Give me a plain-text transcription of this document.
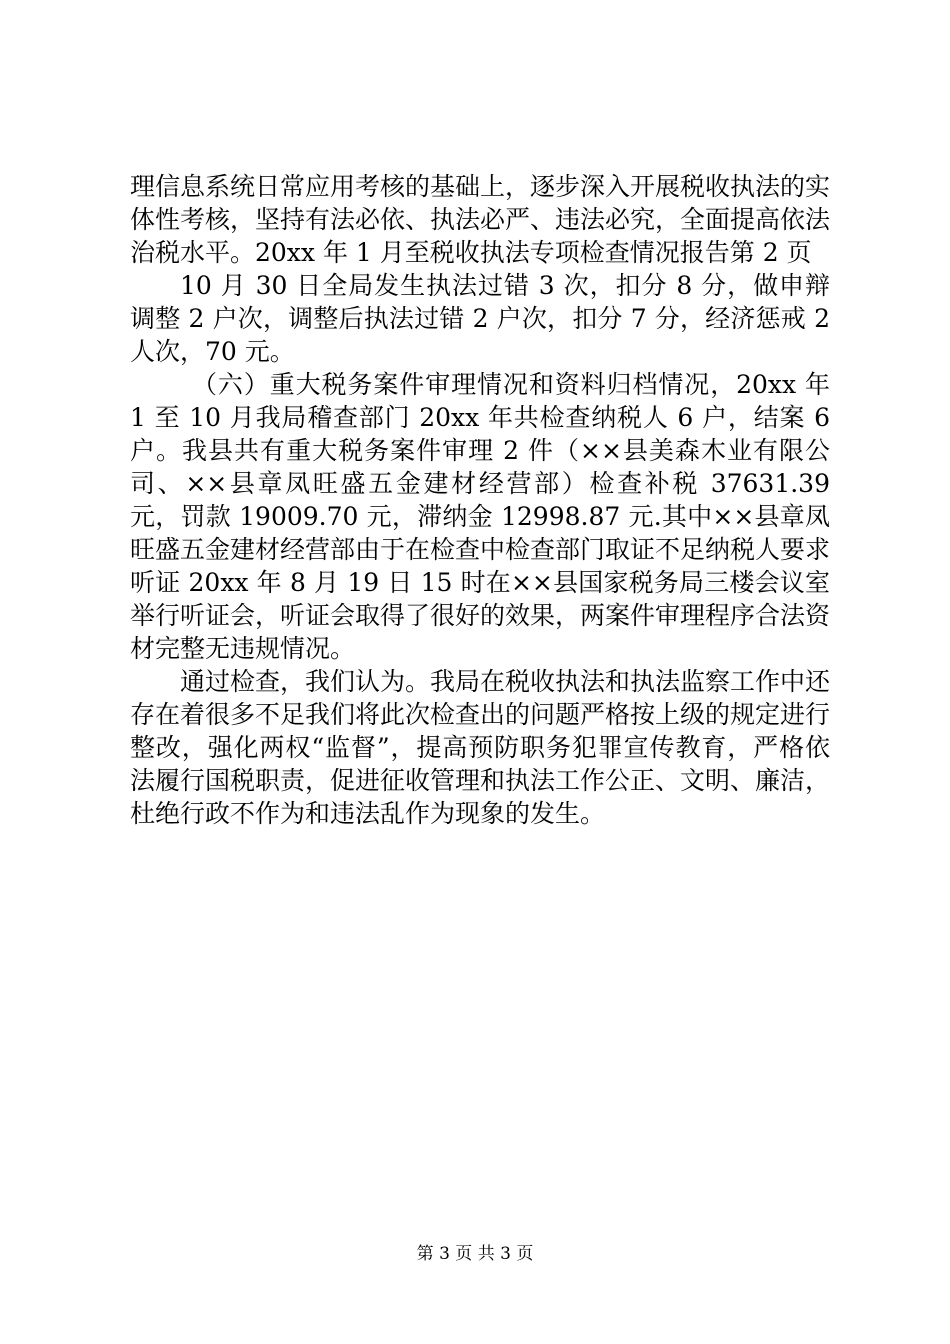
理信息系统日常应用考核的基础上，逐步深入开展税收执法的实体性考核，坚持有法必依、执法必严、违法必究，全面提高依法治税水平。20xx 年 1 月至税收执法专项检查情况报告第 2 页

10 月 30 日全局发生执法过错 3 次，扣分 8 分，做申辩调整 2 户次，调整后执法过错 2 户次，扣分 7 分，经济惩戒 2 人次，70 元。

（六）重大税务案件审理情况和资料归档情况，20xx 年 1 至 10 月我局稽查部门 20xx 年共检查纳税人 6 户，结案 6 户。我县共有重大税务案件审理 2 件（××县美森木业有限公司、××县章凤旺盛五金建材经营部）检查补税 37631.39 元，罚款 19009.70 元，滞纳金 12998.87 元.其中××县章凤旺盛五金建材经营部由于在检查中检查部门取证不足纳税人要求听证 20xx 年 8 月 19 日 15 时在××县国家税务局三楼会议室举行听证会，听证会取得了很好的效果，两案件审理程序合法资材完整无违规情况。

通过检查，我们认为。我局在税收执法和执法监察工作中还存在着很多不足我们将此次检查出的问题严格按上级的规定进行整改，强化两权“监督”，提高预防职务犯罪宣传教育，严格依法履行国税职责，促进征收管理和执法工作公正、文明、廉洁，杜绝行政不作为和违法乱作为现象的发生。

第 3 页 共 3 页
